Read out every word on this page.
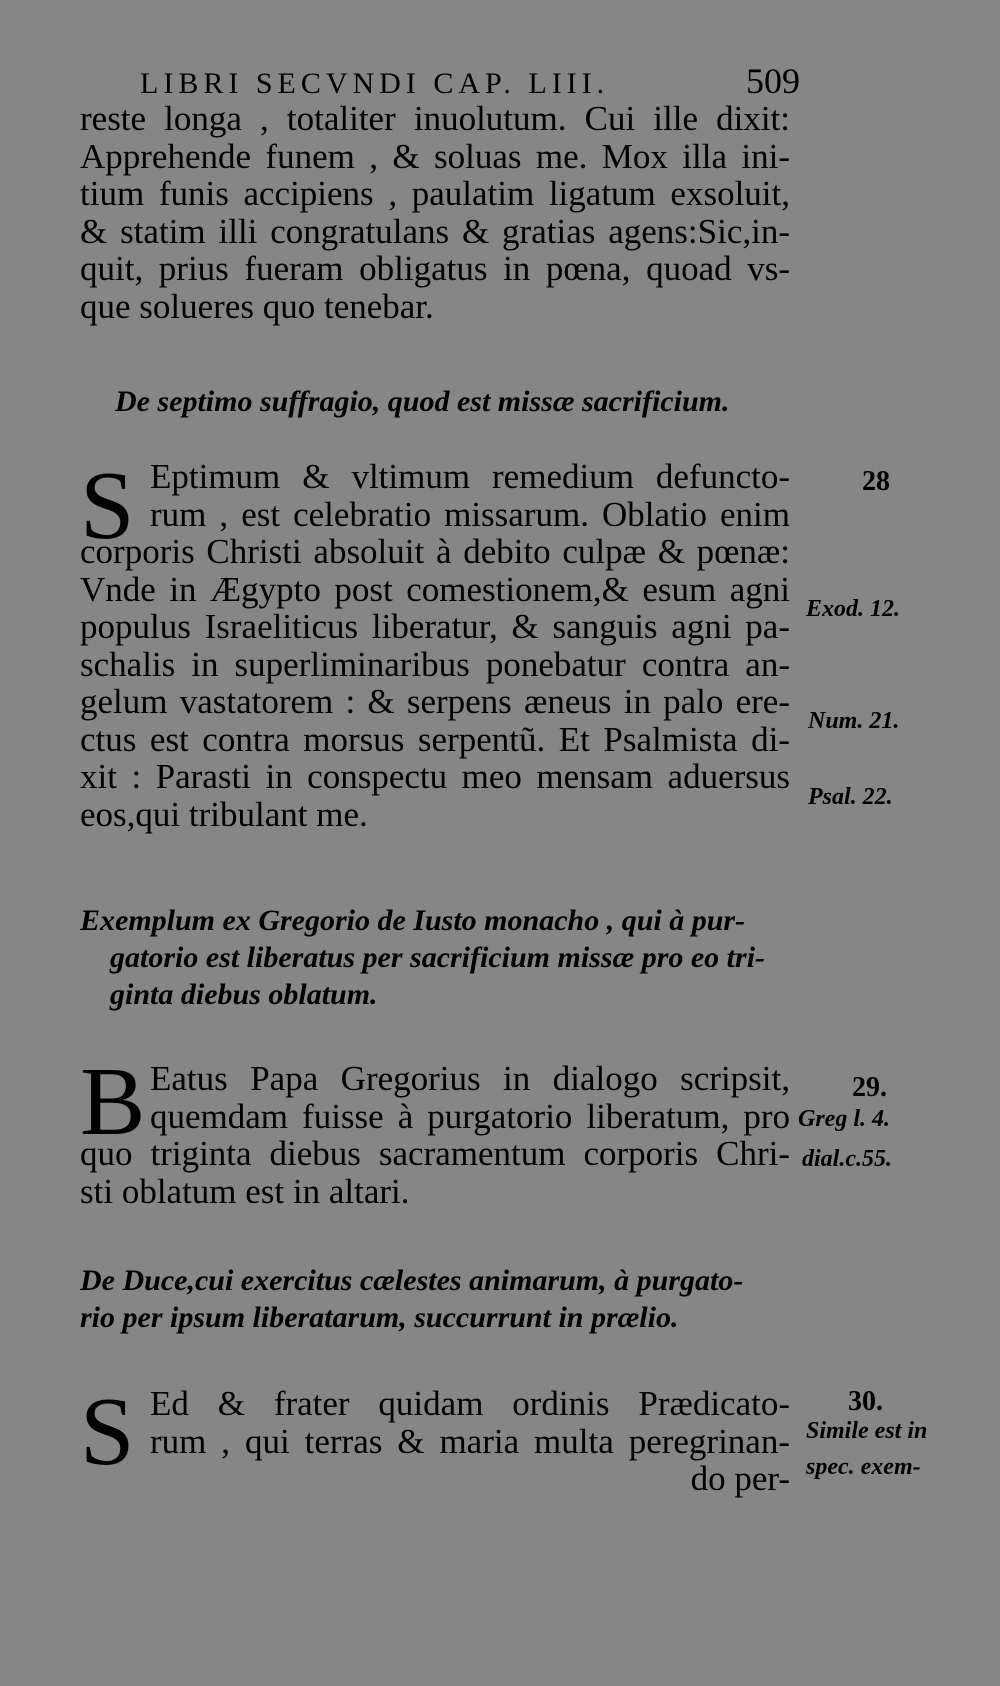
LIBRI SECVNDI CAP. LIII.	509
reste longa , totaliter inuolutum. Cui ille dixit:
Apprehende funem , & soluas me. Mox illa ini-
tium funis accipiens , paulatim ligatum exsoluit,
& statim illi congratulans & gratias agens:Sic,in-
quit, prius fueram obligatus in pœna, quoad vs-
que solueres quo tenebar.
De septimo suffragio, quod est missæ sacrificium.
S Eptimum & vltimum remedium defuncto-
rum , est celebratio missarum. Oblatio enim
corporis Christi absoluit à debito culpæ & pœnæ:
Vnde in Ægypto post comestionem,& esum agni
populus Israeliticus liberatur, & sanguis agni pa-
schalis in superliminaribus ponebatur contra an-
gelum vastatorem : & serpens æneus in palo ere-
ctus est contra morsus serpentũ. Et Psalmista di-
xit : Parasti in conspectu meo mensam aduersus
eos,qui tribulant me.
Exemplum ex Gregorio de Iusto monacho , qui à pur-
gatorio est liberatus per sacrificium missæ pro eo tri-
ginta diebus oblatum.
B Eatus Papa Gregorius in dialogo scripsit,
quemdam fuisse à purgatorio liberatum, pro
quo triginta diebus sacramentum corporis Chri-
sti oblatum est in altari.
De Duce,cui exercitus cælestes animarum, à purgato-
rio per ipsum liberatarum, succurrunt in prælio.
S Ed & frater quidam ordinis Prædicato-
rum , qui terras & maria multa peregrinan-
do per-
28
Exod. 12.
Num. 21.
Psal. 22.
29.
Greg l. 4.
dial.c.55.
30.
Simile est in
spec. exem-
